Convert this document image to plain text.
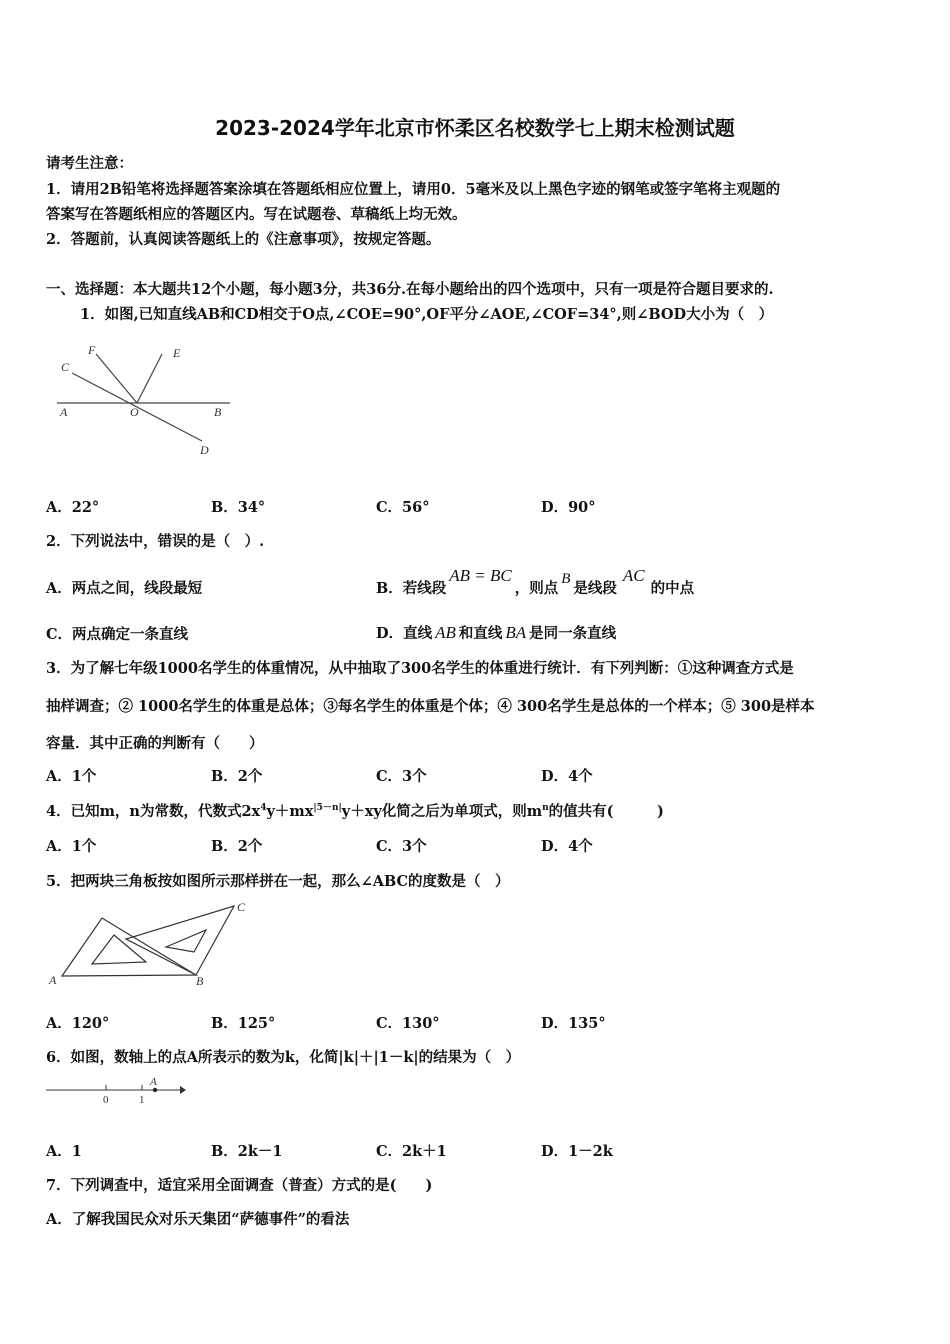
2023-2024学年北京市怀柔区名校数学七上期末检测试题
请考生注意：
1．请用2B铅笔将选择题答案涂填在答题纸相应位置上，请用0．5毫米及以上黑色字迹的钢笔或签字笔将主观题的
答案写在答题纸相应的答题区内。写在试题卷、草稿纸上均无效。
2．答题前，认真阅读答题纸上的《注意事项》，按规定答题。
一、选择题：本大题共12个小题，每小题3分，共36分.在每小题给出的四个选项中，只有一项是符合题目要求的.
1．如图,已知直线AB和CD相交于O点,∠COE=90°,OF平分∠AOE,∠COF=34°,则∠BOD大小为（　）
A	B
C
D
E
F
O
A．22°	B．34°	C．56°	D．90°
2．下列说法中，错误的是（　）.
A．两点之间，线段最短	B．若线段AB = BC，则点B是线段AC的中点
C．两点确定一条直线	D．直线 AB 和直线 BA 是同一条直线
3．为了解七年级1000名学生的体重情况，从中抽取了300名学生的体重进行统计．有下列判断：①这种调查方式是
抽样调查；② 1000名学生的体重是总体；③每名学生的体重是个体；④ 300名学生是总体的一个样本；⑤ 300是样本
容量．其中正确的判断有（　　）
A．1个	B．2个	C．3个	D．4个
4．已知m，n为常数，代数式$2x^4y+mx^{|5-n|}y+xy$化简之后为单项式，则$m^n$的值共有(　　　)
A．1个	B．2个	C．3个	D．4个
5．把两块三角板按如图所示那样拼在一起，那么∠ABC的度数是（　）
A	B
C
A．120°	B．125°	C．130°	D．135°
6．如图，数轴上的点A所表示的数为k，化简|k|＋|1－k|的结果为（　）
0	1
A
A．1	B．2k－1	C．2k＋1	D．1－2k
7．下列调查中，适宜采用全面调查（普查）方式的是(　　)
A．了解我国民众对乐天集团“萨德事件”的看法
